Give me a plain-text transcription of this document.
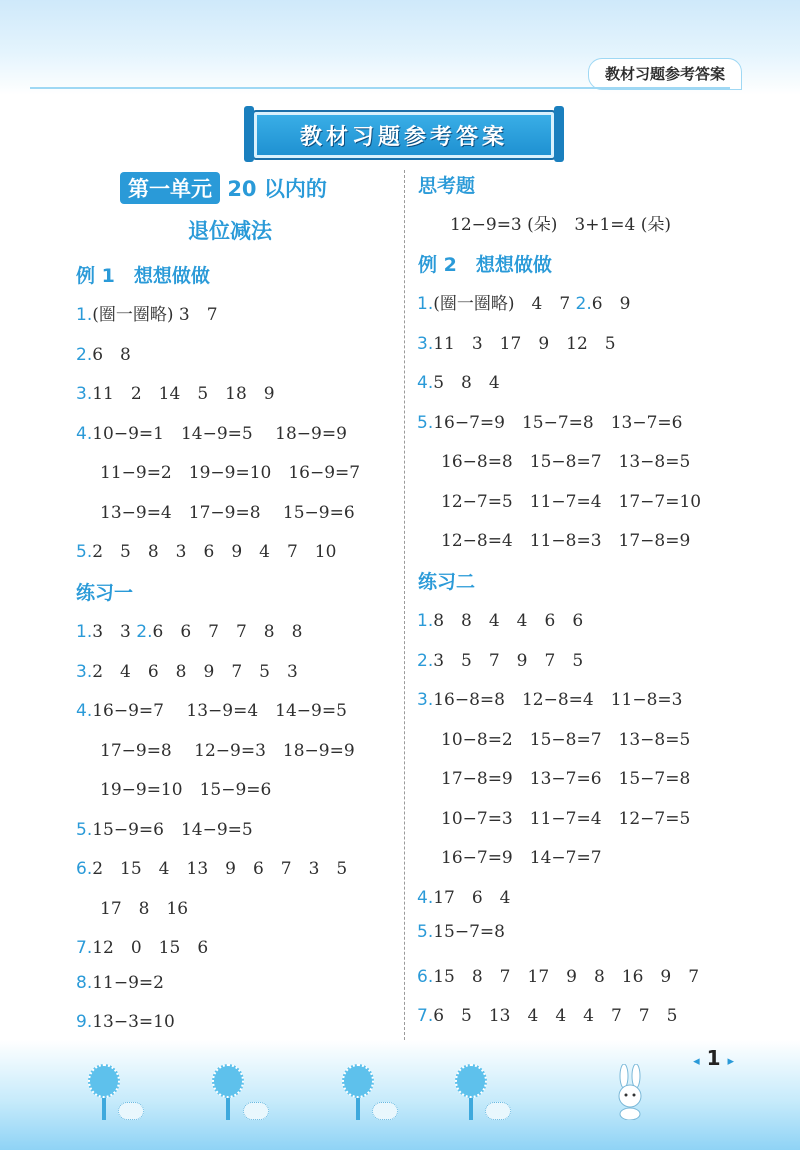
教材习题参考答案
教材习题参考答案
第一单元 20 以内的
退位减法
例 1　想想做做
1.(圈一圈略) 3　7
2.6　8
3.11　2　14　5　18　9
4.10−9=1　14−9=5　 18−9=9
11−9=2　19−9=10　16−9=7
13−9=4　17−9=8　 15−9=6
5.2　5　8　3　6　9　4　7　10
练习一
1.3　3 2.6　6　7　7　8　8
3.2　4　6　8　9　7　5　3
4.16−9=7　 13−9=4　14−9=5
17−9=8　 12−9=3　18−9=9
19−9=10　15−9=6
5.15−9=6　14−9=5
6.2　15　4　13　9　6　7　3　5
17　8　16
7.12　0　15　6
8.11−9=2
9.13−3=10
思考题
12−9=3 (朵)　3+1=4 (朵)
例 2　想想做做
1.(圈一圈略)　4　7 2.6　9
3.11　3　17　9　12　5
4.5　8　4
5.16−7=9　15−7=8　13−7=6
16−8=8　15−8=7　13−8=5
12−7=5　11−7=4　17−7=10
12−8=4　11−8=3　17−8=9
练习二
1.8　8　4　4　6　6
2.3　5　7　9　7　5
3.16−8=8　12−8=4　11−8=3
10−8=2　15−8=7　13−8=5
17−8=9　13−7=6　15−7=8
10−7=3　11−7=4　12−7=5
16−7=9　14−7=7
4.17　6　4
5.15−7=8
6.15　8　7　17　9　8　16　9　7
7.6　5　13　4　4　4　7　7　5
◂ 1 ▸
